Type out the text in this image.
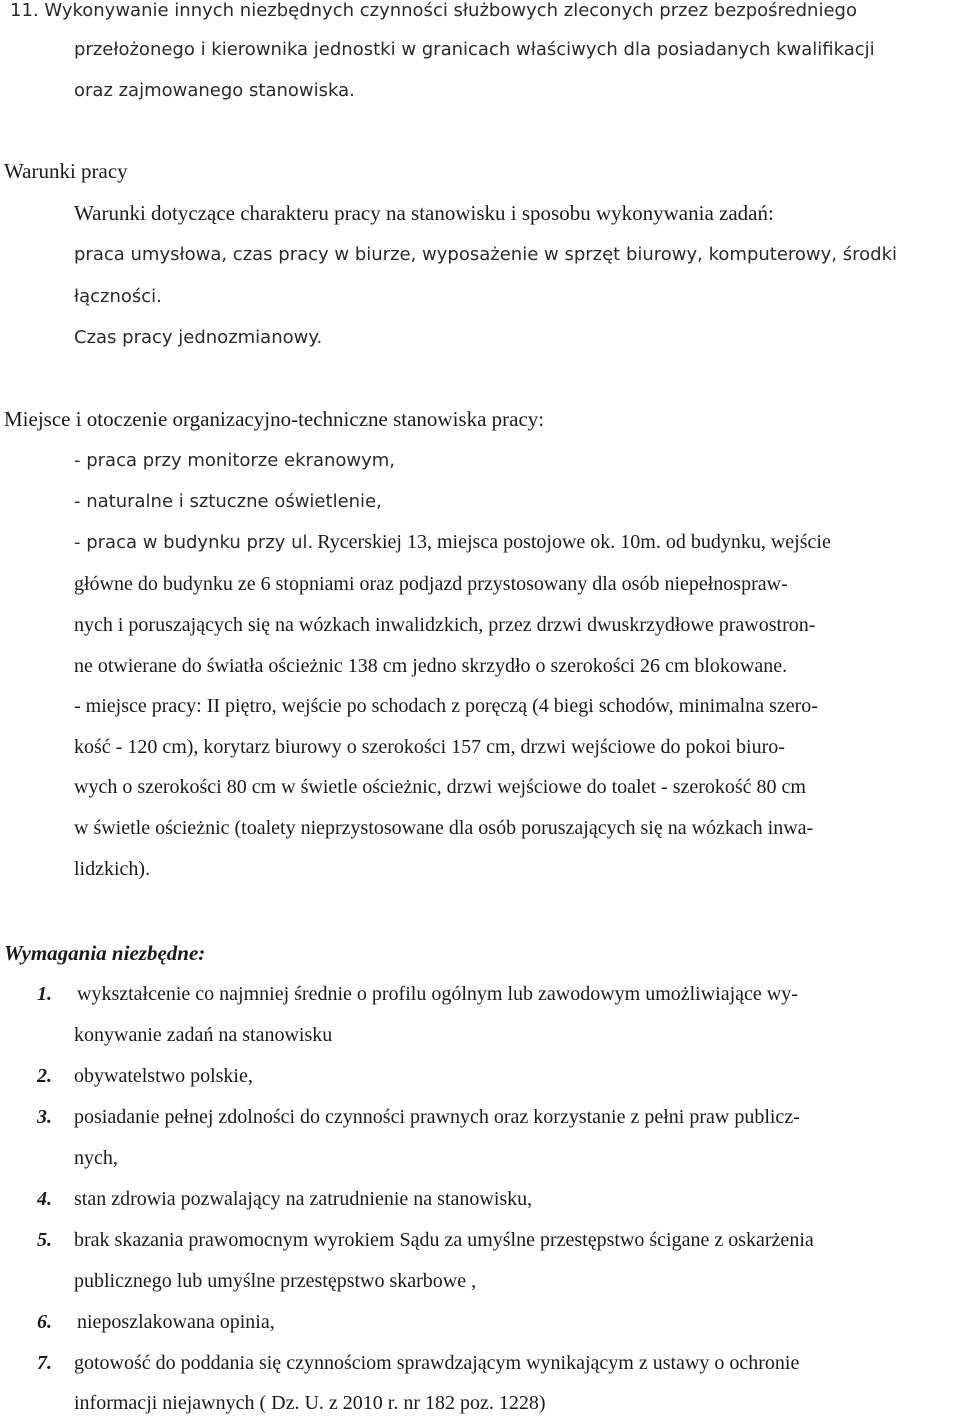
11. Wykonywanie innych niezbędnych czynności służbowych zleconych przez bezpośredniego

przełożonego i kierownika jednostki w granicach właściwych dla posiadanych kwalifikacji

oraz zajmowanego stanowiska.

Warunki pracy

Warunki dotyczące charakteru pracy na stanowisku i sposobu wykonywania zadań:

praca umysłowa, czas pracy w biurze, wyposażenie w sprzęt biurowy, komputerowy, środki

łączności.

Czas pracy jednozmianowy.

Miejsce i otoczenie organizacyjno-techniczne stanowiska pracy:

- praca przy monitorze ekranowym,

- naturalne i sztuczne oświetlenie,

- praca w budynku przy ul. Rycerskiej 13, miejsca postojowe ok. 10m. od budynku, wejście

główne do budynku ze 6 stopniami oraz podjazd przystosowany dla osób niepełnospraw-

nych i poruszających się na wózkach inwalidzkich, przez drzwi dwuskrzydłowe prawostron-

ne otwierane do światła ościeżnic 138 cm jedno skrzydło o szerokości 26 cm blokowane.

- miejsce pracy: II piętro, wejście po schodach z poręczą (4 biegi schodów, minimalna szero-

kość - 120 cm), korytarz biurowy o szerokości 157 cm, drzwi wejściowe do pokoi biuro-

wych o szerokości 80 cm w świetle ościeżnic, drzwi wejściowe do toalet - szerokość 80 cm

w świetle ościeżnic (toalety nieprzystosowane dla osób poruszających się na wózkach inwa-

lidzkich).

Wymagania niezbędne:

1. wykształcenie co najmniej średnie o profilu ogólnym lub zawodowym umożliwiające wy-

konywanie zadań na stanowisku

2. obywatelstwo polskie,

3. posiadanie pełnej zdolności do czynności prawnych oraz korzystanie z pełni praw publicz-

nych,

4. stan zdrowia pozwalający na zatrudnienie na stanowisku,

5. brak skazania prawomocnym wyrokiem Sądu za umyślne przestępstwo ścigane z oskarżenia

publicznego lub umyślne przestępstwo skarbowe ,

6. nieposzlakowana opinia,

7. gotowość do poddania się czynnościom sprawdzającym wynikającym z ustawy o ochronie

informacji niejawnych ( Dz. U. z 2010 r. nr 182 poz. 1228)
